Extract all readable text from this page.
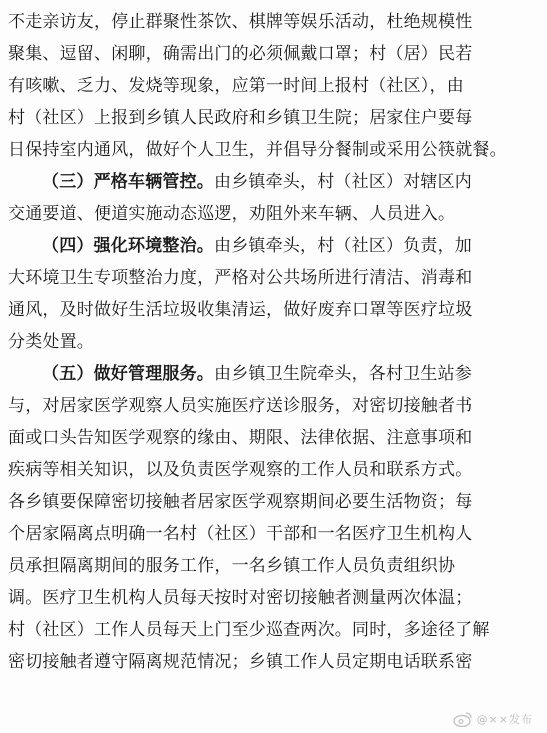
不走亲访友，停止群聚性茶饮、棋牌等娱乐活动，杜绝规模性
聚集、逗留、闲聊，确需出门的必须佩戴口罩；村（居）民若
有咳嗽、乏力、发烧等现象，应第一时间上报村（社区），由
村（社区）上报到乡镇人民政府和乡镇卫生院；居家住户要每
日保持室内通风，做好个人卫生，并倡导分餐制或采用公筷就餐。
（三）严格车辆管控。由乡镇牵头，村（社区）对辖区内
交通要道、便道实施动态巡逻，劝阻外来车辆、人员进入。
（四）强化环境整治。由乡镇牵头，村（社区）负责，加
大环境卫生专项整治力度，严格对公共场所进行清洁、消毒和
通风，及时做好生活垃圾收集清运，做好废弃口罩等医疗垃圾
分类处置。
（五）做好管理服务。由乡镇卫生院牵头，各村卫生站参
与，对居家医学观察人员实施医疗送诊服务，对密切接触者书
面或口头告知医学观察的缘由、期限、法律依据、注意事项和
疾病等相关知识，以及负责医学观察的工作人员和联系方式。
各乡镇要保障密切接触者居家医学观察期间必要生活物资；每
个居家隔离点明确一名村（社区）干部和一名医疗卫生机构人
员承担隔离期间的服务工作，一名乡镇工作人员负责组织协
调。医疗卫生机构人员每天按时对密切接触者测量两次体温；
村（社区）工作人员每天上门至少巡查两次。同时，多途径了解
密切接触者遵守隔离规范情况；乡镇工作人员定期电话联系密
@××发布
